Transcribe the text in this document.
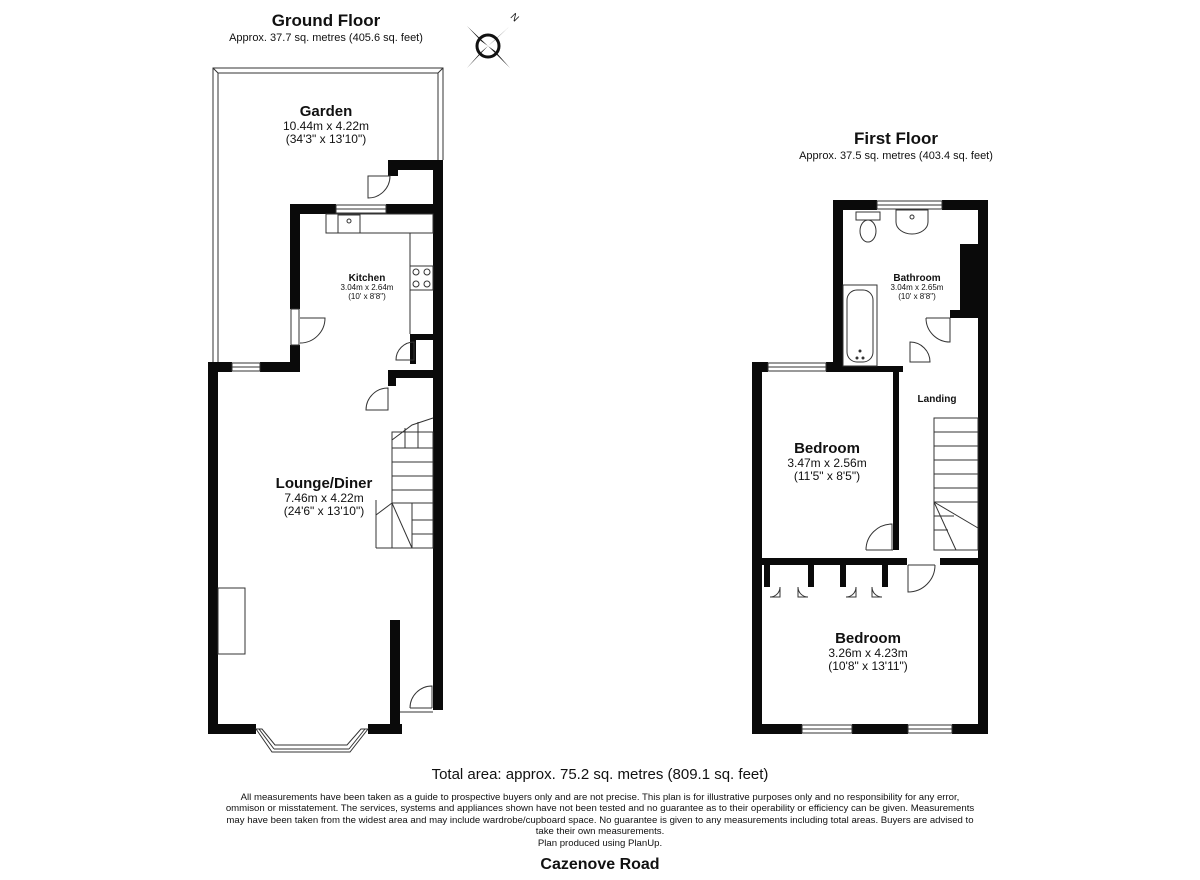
Ground Floor
Approx. 37.7 sq. metres (405.6 sq. feet)
N
Garden
10.44m x 4.22m
(34'3" x 13'10")
Kitchen
3.04m x 2.64m
(10' x 8'8")
Lounge/Diner
7.46m x 4.22m
(24'6" x 13'10")
First Floor
Approx. 37.5 sq. metres (403.4 sq. feet)
Bathroom
3.04m x 2.65m
(10' x 8'8")
Landing
Bedroom
3.47m x 2.56m
(11'5" x 8'5")
Bedroom
3.26m x 4.23m
(10'8" x 13'11")
Total area: approx. 75.2 sq. metres (809.1 sq. feet)
All measurements have been taken as a guide to prospective buyers only and are not precise. This plan is for illustrative purposes only and no responsibility for any error,
ommison or misstatement. The services, systems and appliances shown have not been tested and no guarantee as to their operability or efficiency can be given. Measurements
may have been taken from the widest area and may include wardrobe/cupboard space. No guarantee is given to any measurements including total areas. Buyers are advised to
take their own measurements.
Plan produced using PlanUp.
Cazenove Road
